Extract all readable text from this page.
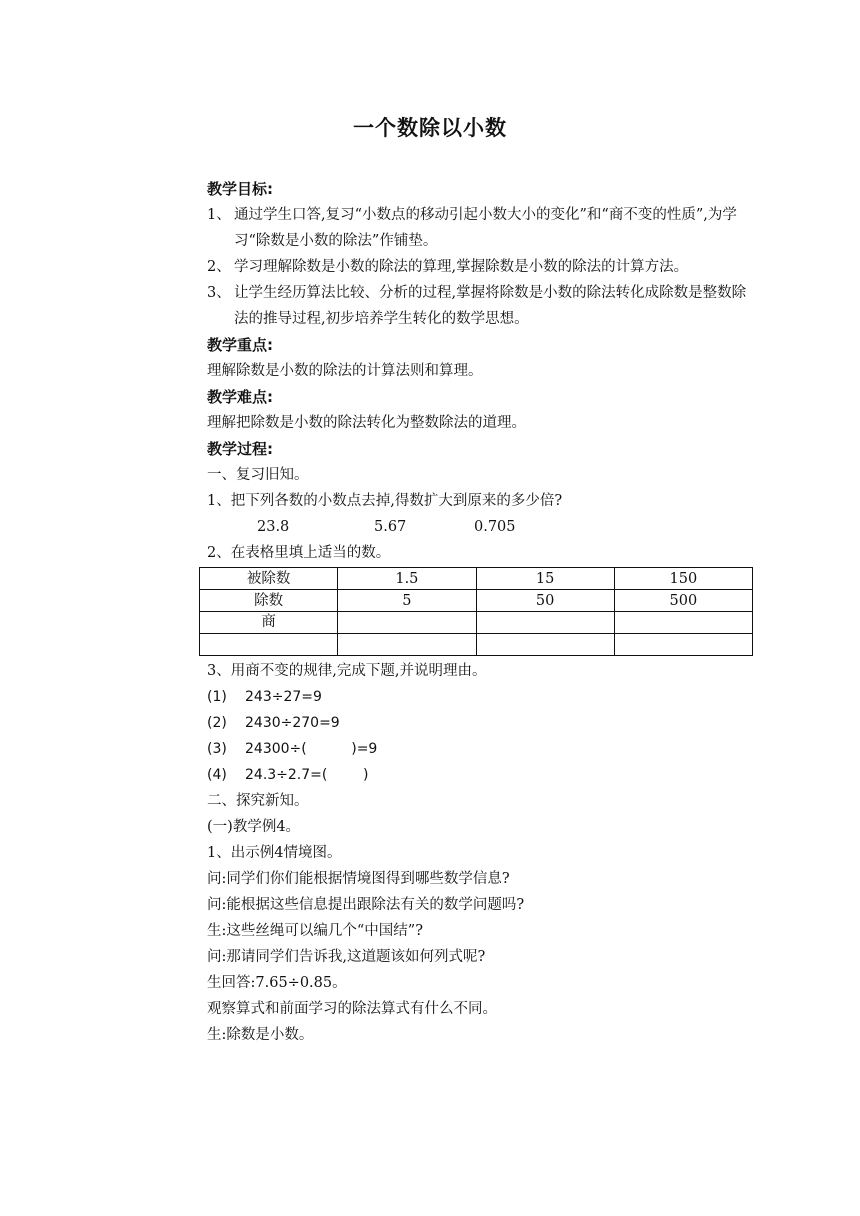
一个数除以小数
教学目标:
1、 通过学生口答,复习“小数点的移动引起小数大小的变化”和“商不变的性质”,为学习“除数是小数的除法”作铺垫。
2、 学习理解除数是小数的除法的算理,掌握除数是小数的除法的计算方法。
3、 让学生经历算法比较、分析的过程,掌握将除数是小数的除法转化成除数是整数除法的推导过程,初步培养学生转化的数学思想。
教学重点:
理解除数是小数的除法的计算法则和算理。
教学难点:
理解把除数是小数的除法转化为整数除法的道理。
教学过程:
一、复习旧知。
1、把下列各数的小数点去掉,得数扩大到原来的多少倍?
23.8	5.67	0.705
2、在表格里填上适当的数。
被除数	1.5	15	150
除数	5	50	500
商			

3、用商不变的规律,完成下题,并说明理由。
(1) 243÷27=9
(2) 2430÷270=9
(3) 24300÷(          )=9
(4) 24.3÷2.7=(        )
二、探究新知。
(一)教学例4。
1、出示例4情境图。
问:同学们你们能根据情境图得到哪些数学信息?
问:能根据这些信息提出跟除法有关的数学问题吗?
生:这些丝绳可以编几个“中国结”?
问:那请同学们告诉我,这道题该如何列式呢?
生回答:7.65÷0.85。
观察算式和前面学习的除法算式有什么不同。
生:除数是小数。
